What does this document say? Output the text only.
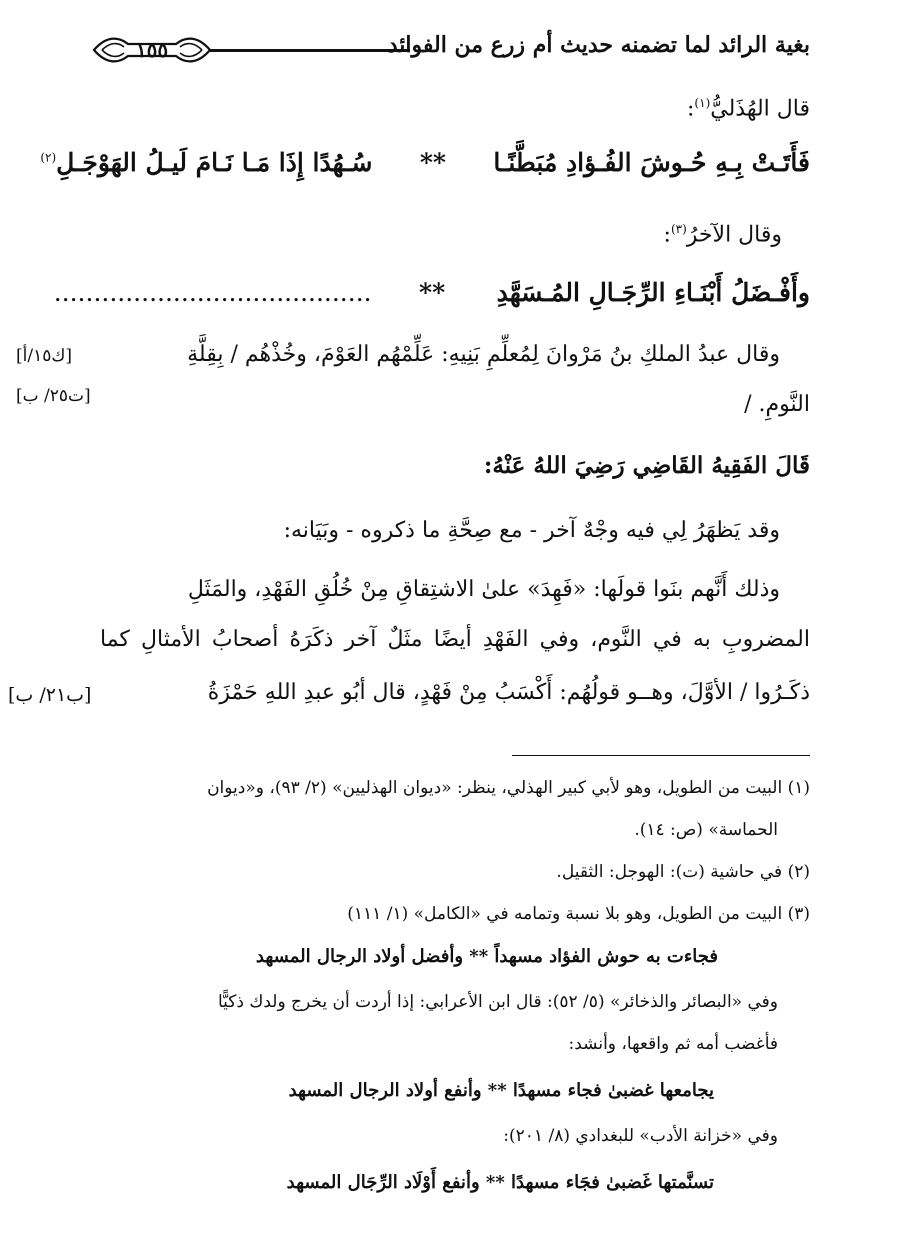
بغية الرائد لما تضمنه حديث أم زرع من الفوائد
١٥٥
قال الهُذَليُّ$^{(١)}$:
فَأَتَـتْ بِـهِ حُـوشَ الفُـؤادِ مُبَطَّنًـا  **  سُـهُدًا إِذَا مَـا نَـامَ لَيـلُ الهَوْجَـلِ$^{(٢)}$
وقال الآخرُ$^{(٣)}$:
وأَفْـضَلُ أَبْنَـاءِ الرِّجَـالِ المُـسَهَّدِ  **  ........................................
وقال عبدُ الملكِ بنُ مَرْوانَ لِمُعلِّمِ بَنِيهِ: عَلِّمْهُم العَوْمَ، وخُذْهُم / بِقِلَّةِ
النَّومِ. /
[ك١٥/أ]
[ت٢٥/ ب]
قَالَ الفَقِيهُ القَاضِي رَضِيَ اللهُ عَنْهُ:
وقد يَظهَرُ لِي فيه وجْهٌ آخر - مع صِحَّةِ ما ذكروه - وبَيَانه:
وذلك أَنَّهم بنَوا قولَها: «فَهِدَ» علىٰ الاشتِقاقِ مِنْ خُلُقِ الفَهْدِ، والمَثَلِ
المضروبِ به في النَّوم، وفي الفَهْدِ أيضًا مثَلٌ آخر ذكَرَهُ أصحابُ الأمثالِ كما
ذكَـرُوا / الأوَّلَ، وهــو قولُهُم: أَكْسَبُ مِنْ فَهْدٍ، قال أبُو عبدِ اللهِ حَمْزَةُ
[ب٢١/ ب]
(١) البيت من الطويل، وهو لأبي كبير الهذلي، ينظر: «ديوان الهذليين» (٢/ ٩٣)، و«ديوان
الحماسة» (ص: ١٤).
(٢) في حاشية (ت): الهوجل: الثقيل.
(٣) البيت من الطويل، وهو بلا نسبة وتمامه في «الكامل» (١/ ١١١)
فجاءت به حوش الفؤاد مسهداً ** وأفضل أولاد الرجال المسهد
وفي «البصائر والذخائر» (٥/ ٥٢): قال ابن الأعرابي: إذا أردت أن يخرج ولدك ذكيًّا
فأغضب أمه ثم واقعها، وأنشد:
يجامعها غضبىٰ فجاء مسهدًا ** وأنفع أولاد الرجال المسهد
وفي «خزانة الأدب» للبغدادي (٨/ ٢٠١):
تسنَّمتها غَضبىٰ فجَاء مسهدًا ** وأنفع أَوْلَاد الرِّجَال المسهد
